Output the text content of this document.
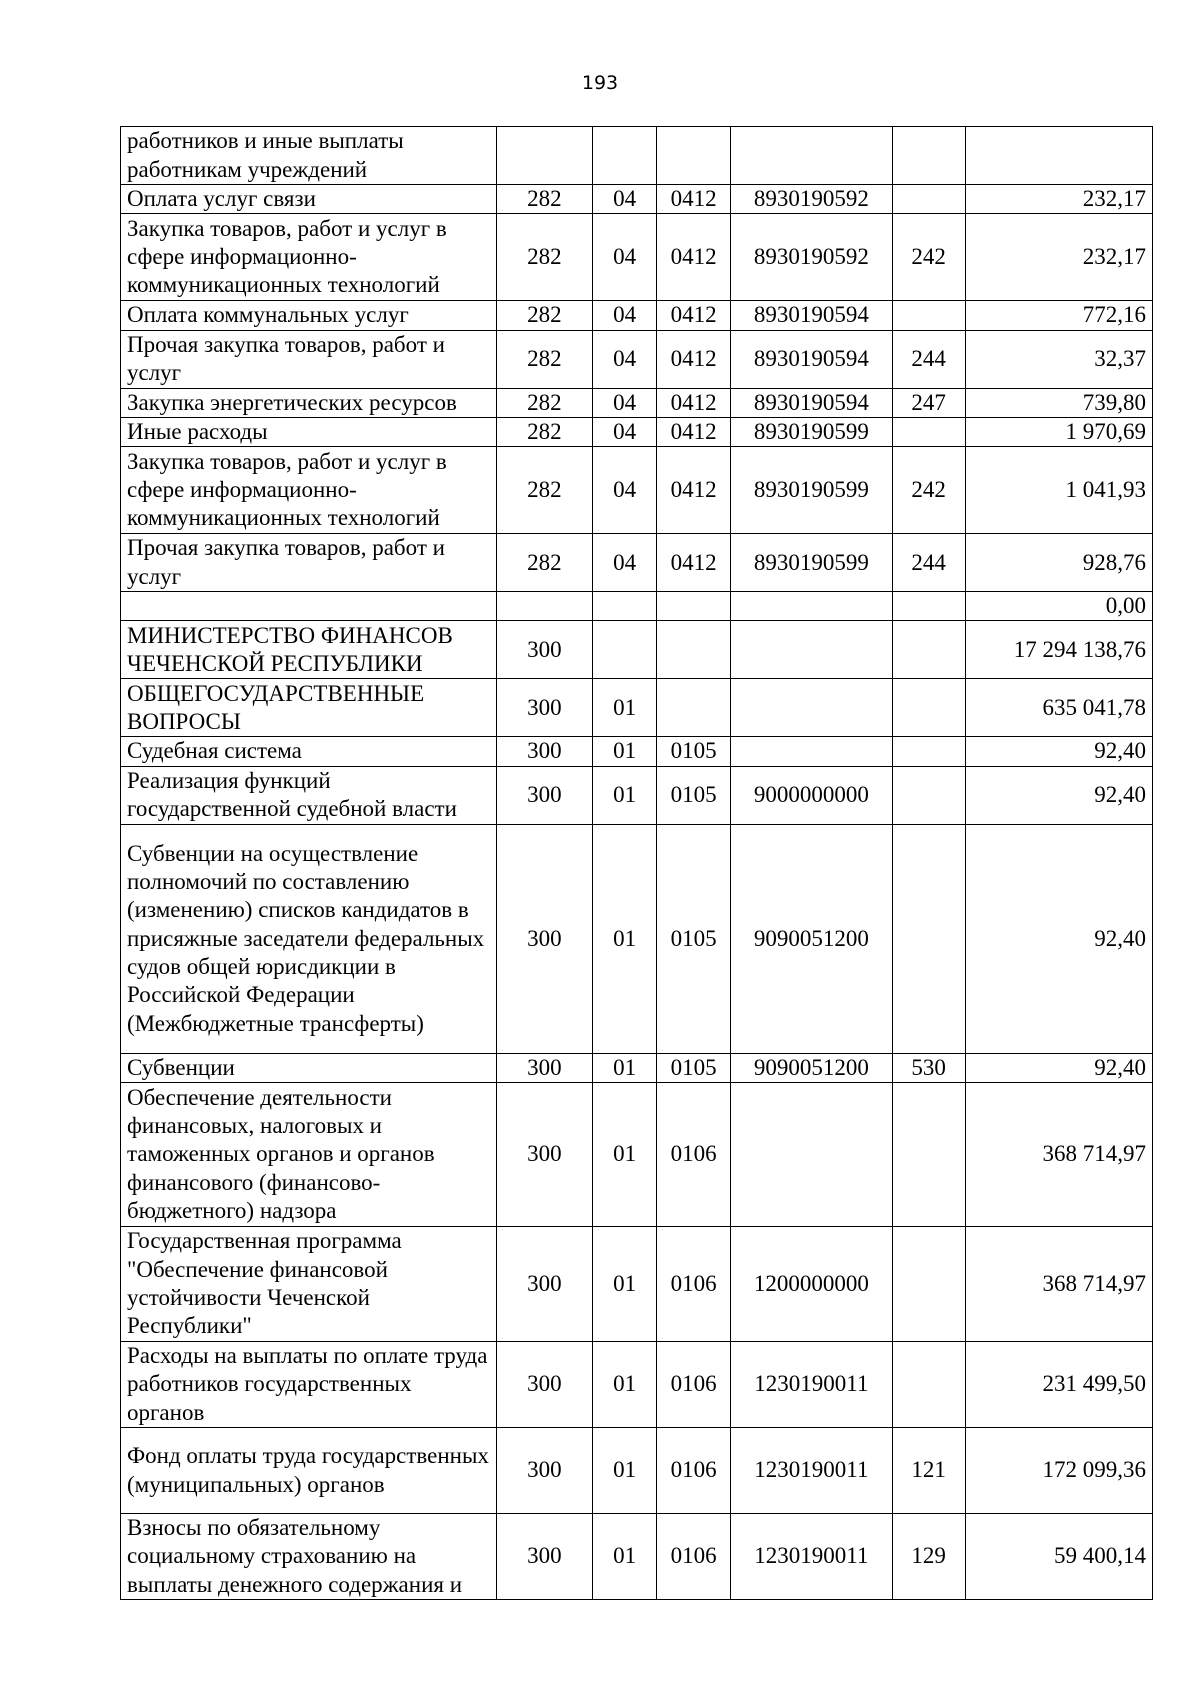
193
работников и иные выплаты работникам учреждений						
Оплата услуг связи	282	04	0412	8930190592		232,17
Закупка товаров, работ и услуг в сфере информационно-коммуникационных технологий	282	04	0412	8930190592	242	232,17
Оплата коммунальных услуг	282	04	0412	8930190594		772,16
Прочая закупка товаров, работ и услуг	282	04	0412	8930190594	244	32,37
Закупка энергетических ресурсов	282	04	0412	8930190594	247	739,80
Иные расходы	282	04	0412	8930190599		1 970,69
Закупка товаров, работ и услуг в сфере информационно-коммуникационных технологий	282	04	0412	8930190599	242	1 041,93
Прочая закупка товаров, работ и услуг	282	04	0412	8930190599	244	928,76
						0,00
МИНИСТЕРСТВО ФИНАНСОВ ЧЕЧЕНСКОЙ РЕСПУБЛИКИ	300					17 294 138,76
ОБЩЕГОСУДАРСТВЕННЫЕ ВОПРОСЫ	300	01				635 041,78
Судебная система	300	01	0105			92,40
Реализация функций государственной судебной власти	300	01	0105	9000000000		92,40
Субвенции на осуществление полномочий по составлению (изменению) списков кандидатов в присяжные заседатели федеральных судов общей юрисдикции в Российской Федерации (Межбюджетные трансферты)	300	01	0105	9090051200		92,40
Субвенции	300	01	0105	9090051200	530	92,40
Обеспечение деятельности финансовых, налоговых и таможенных органов и органов финансового (финансово-бюджетного) надзора	300	01	0106			368 714,97
Государственная программа "Обеспечение финансовой устойчивости Чеченской Республики"	300	01	0106	1200000000		368 714,97
Расходы на выплаты по оплате труда работников государственных органов	300	01	0106	1230190011		231 499,50
Фонд оплаты труда государственных (муниципальных) органов	300	01	0106	1230190011	121	172 099,36
Взносы по обязательному социальному страхованию на выплаты денежного содержания и	300	01	0106	1230190011	129	59 400,14
